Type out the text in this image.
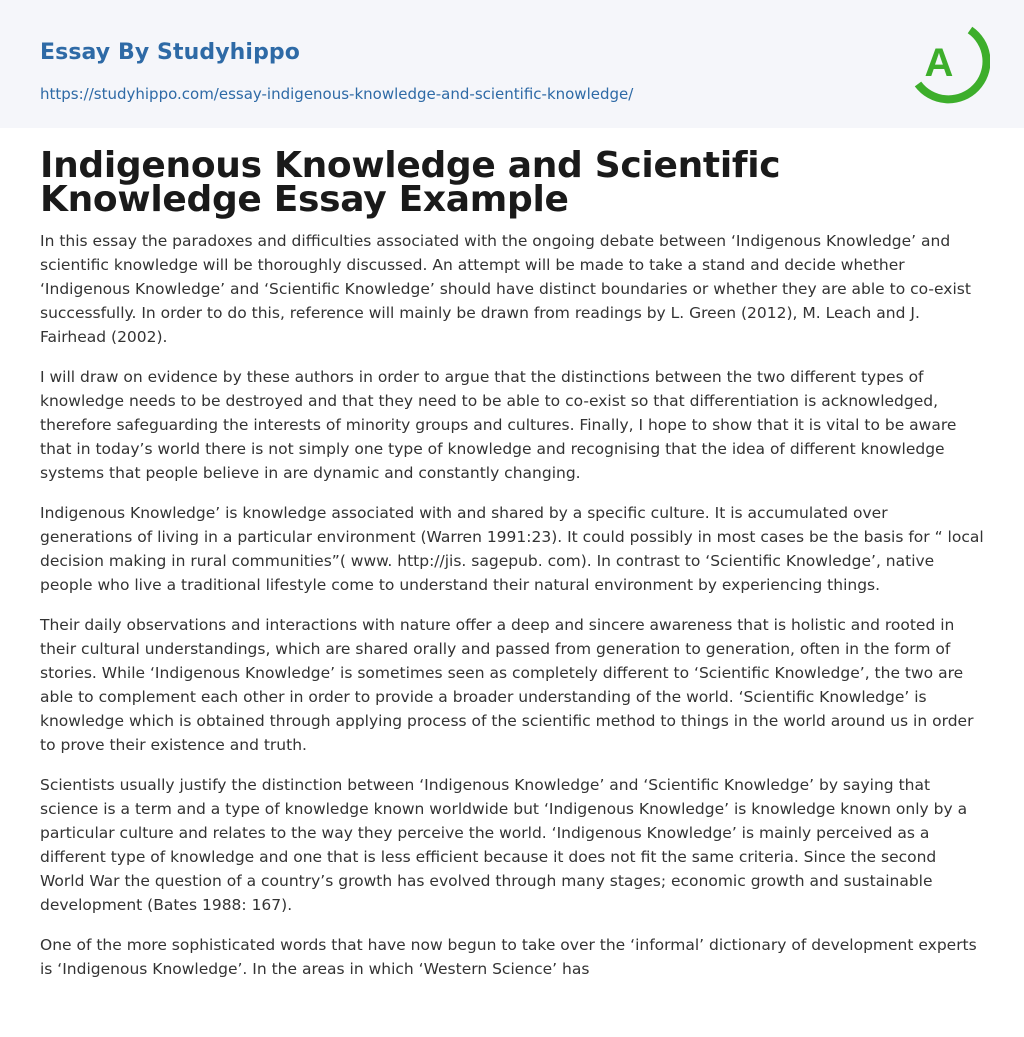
Essay By Studyhippo
https://studyhippo.com/essay-indigenous-knowledge-and-scientific-knowledge/
A
Indigenous Knowledge and Scientific Knowledge Essay Example

In this essay the paradoxes and difficulties associated with the ongoing debate between ‘Indigenous Knowledge’ and scientific knowledge will be thoroughly discussed. An attempt will be made to take a stand and decide whether ‘Indigenous Knowledge’ and ‘Scientific Knowledge’ should have distinct boundaries or whether they are able to co-exist successfully. In order to do this, reference will mainly be drawn from readings by L. Green (2012), M. Leach and J. Fairhead (2002).

I will draw on evidence by these authors in order to argue that the distinctions between the two different types of knowledge needs to be destroyed and that they need to be able to co-exist so that differentiation is acknowledged, therefore safeguarding the interests of minority groups and cultures. Finally, I hope to show that it is vital to be aware that in today’s world there is not simply one type of knowledge and recognising that the idea of different knowledge systems that people believe in are dynamic and constantly changing.

Indigenous Knowledge’ is knowledge associated with and shared by a specific culture. It is accumulated over generations of living in a particular environment (Warren 1991:23). It could possibly in most cases be the basis for “ local decision making in rural communities”( www. http://jis. sagepub. com). In contrast to ‘Scientific Knowledge’, native people who live a traditional lifestyle come to understand their natural environment by experiencing things.

Their daily observations and interactions with nature offer a deep and sincere awareness that is holistic and rooted in their cultural understandings, which are shared orally and passed from generation to generation, often in the form of stories. While ‘Indigenous Knowledge’ is sometimes seen as completely different to ‘Scientific Knowledge’, the two are able to complement each other in order to provide a broader understanding of the world. ‘Scientific Knowledge’ is knowledge which is obtained through applying process of the scientific method to things in the world around us in order to prove their existence and truth.

Scientists usually justify the distinction between ‘Indigenous Knowledge’ and ‘Scientific Knowledge’ by saying that science is a term and a type of knowledge known worldwide but ‘Indigenous Knowledge’ is knowledge known only by a particular culture and relates to the way they perceive the world. ‘Indigenous Knowledge’ is mainly perceived as a different type of knowledge and one that is less efficient because it does not fit the same criteria. Since the second World War the question of a country’s growth has evolved through many stages; economic growth and sustainable development (Bates 1988: 167).

One of the more sophisticated words that have now begun to take over the ‘informal’ dictionary of development experts is ‘Indigenous Knowledge’. In the areas in which ‘Western Science’ has
